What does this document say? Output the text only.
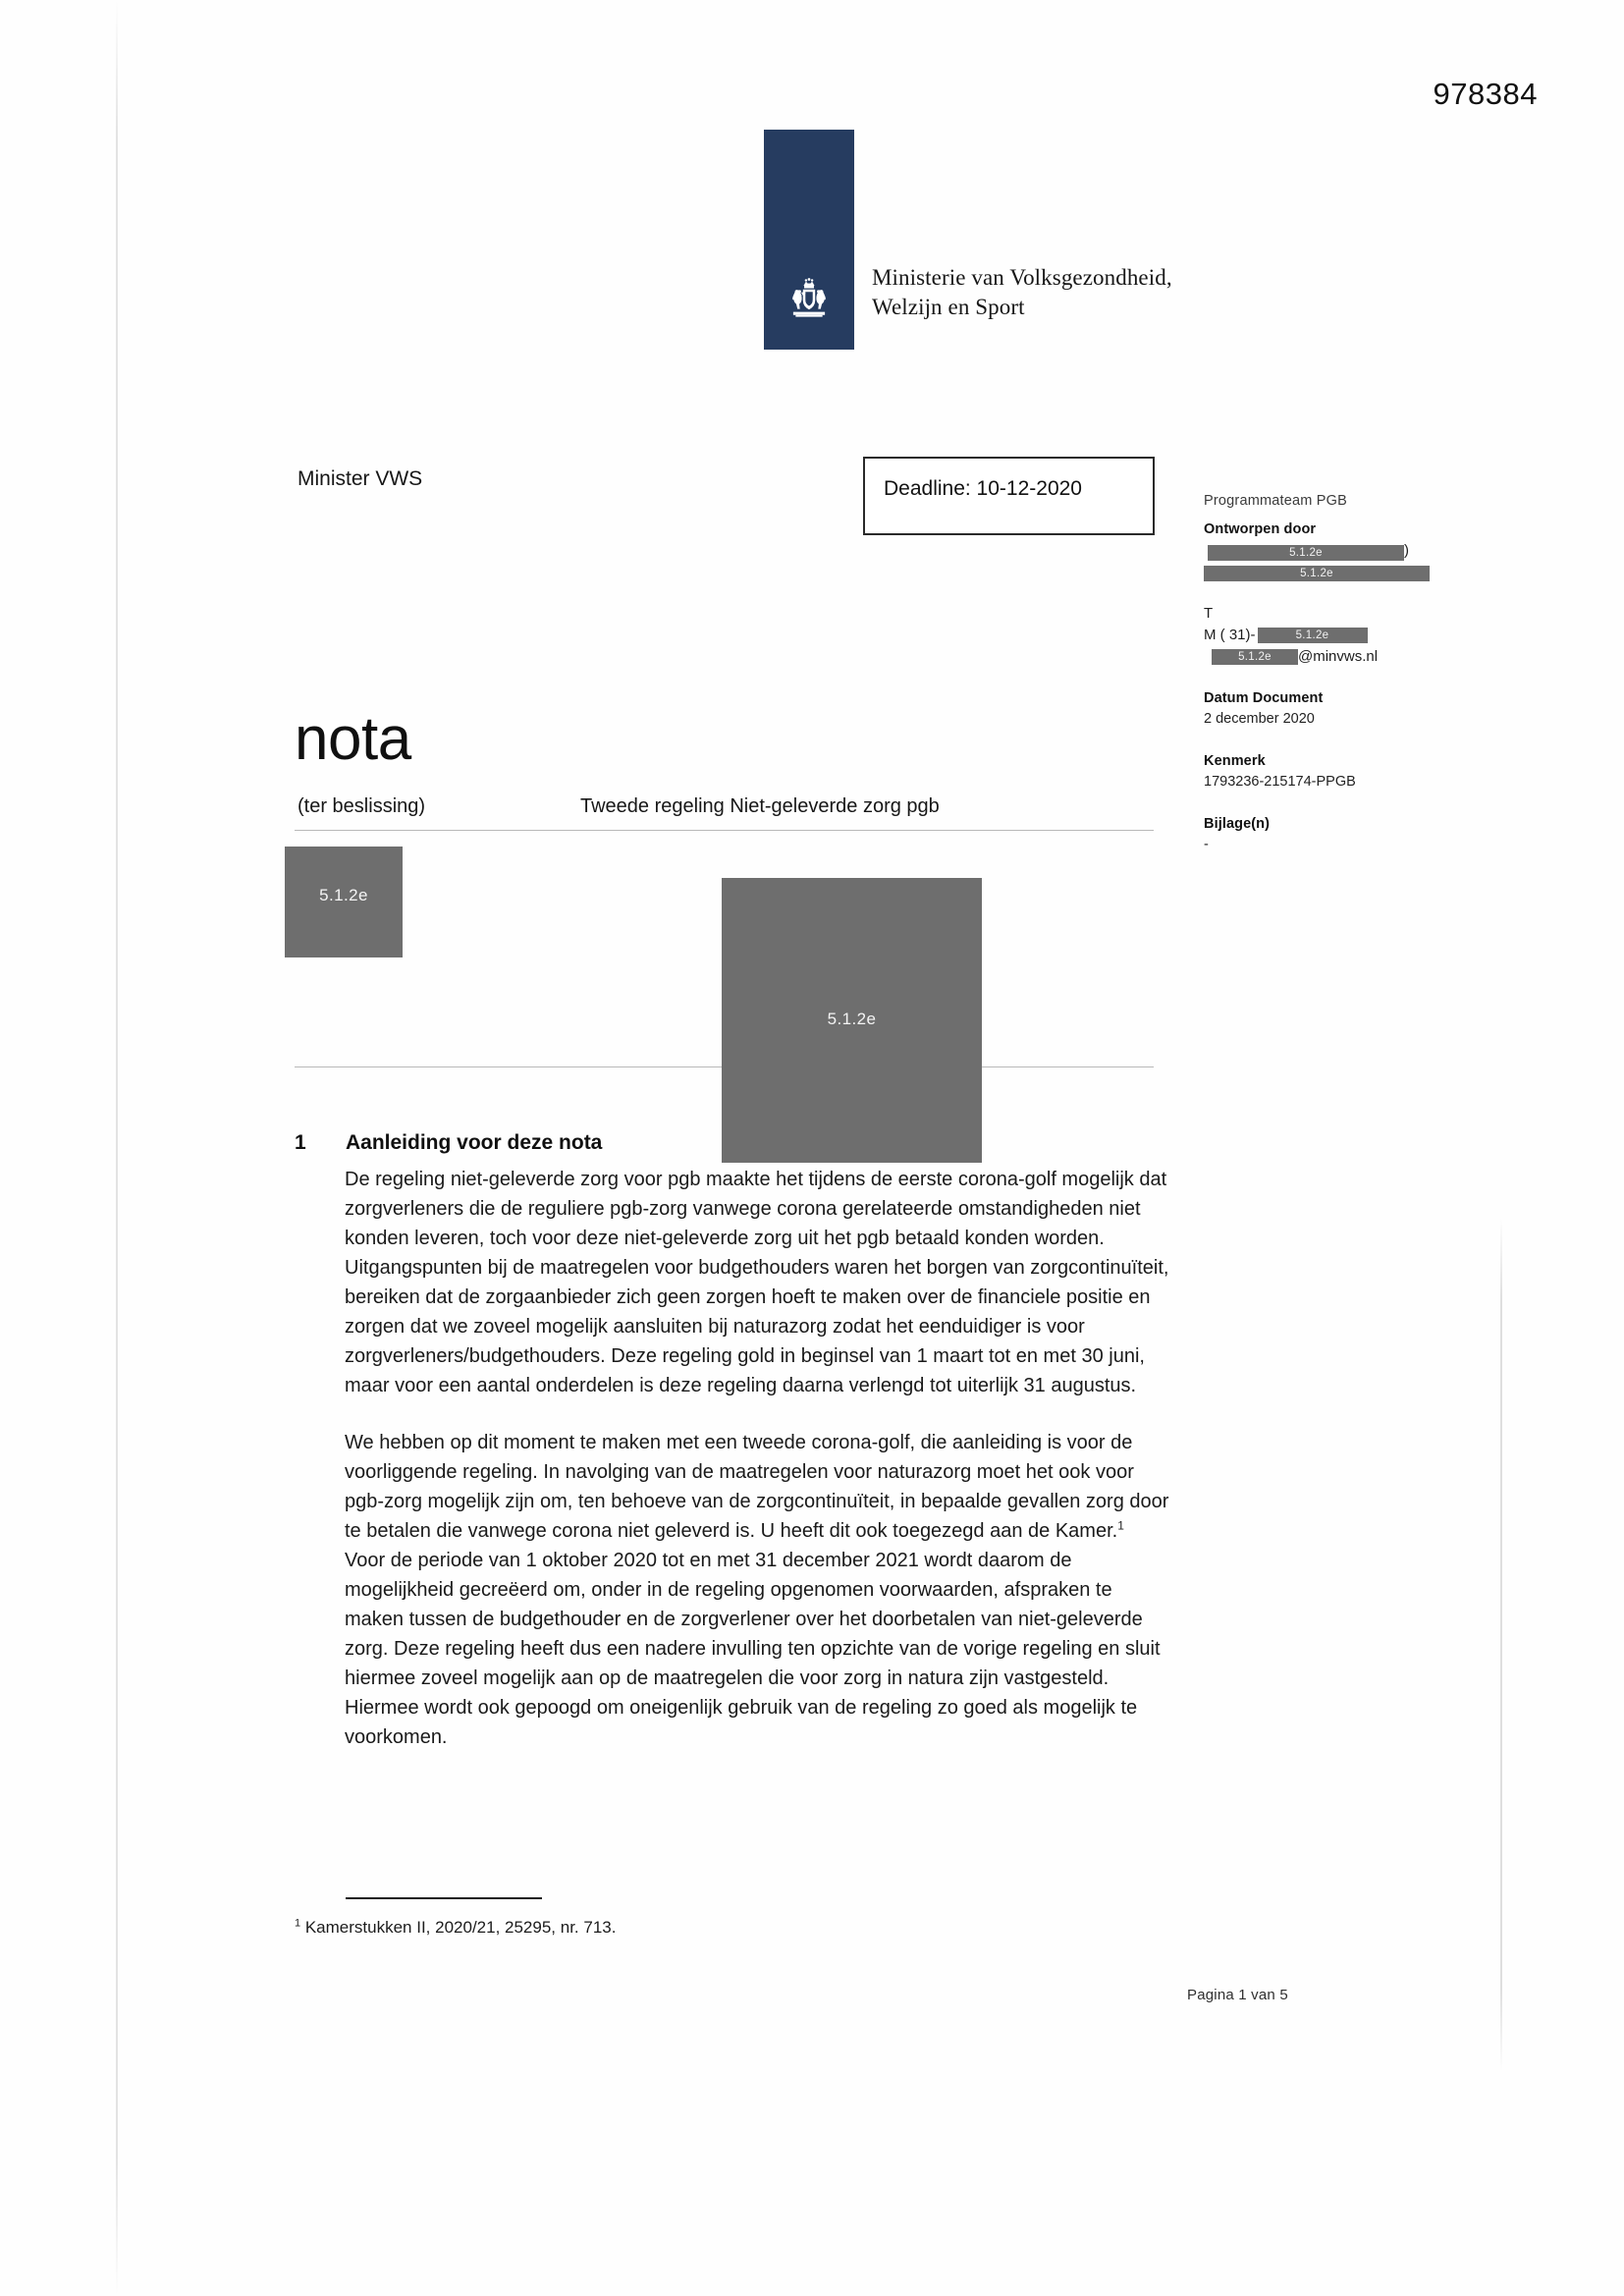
978384
Ministerie van Volksgezondheid,
Welzijn en Sport
Minister VWS	Deadline: 10-12-2020
Programmateam PGB
Ontworpen door
5.1.2e	)
5.1.2e
T
M ( 31)-	5.1.2e
5.1.2e @minvws.nl
Datum Document
2 december 2020
Kenmerk
1793236-215174-PPGB
Bijlage(n)
-
nota
(ter beslissing)	Tweede regeling Niet-geleverde zorg pgb
5.1.2e
5.1.2e
1 Aanleiding voor deze nota

De regeling niet-geleverde zorg voor pgb maakte het tijdens de eerste corona-golf mogelijk dat zorgverleners die de reguliere pgb-zorg vanwege corona gerelateerde omstandigheden niet konden leveren, toch voor deze niet-geleverde zorg uit het pgb betaald konden worden. Uitgangspunten bij de maatregelen voor budgethouders waren het borgen van zorgcontinuïteit, bereiken dat de zorgaanbieder zich geen zorgen hoeft te maken over de financiele positie en zorgen dat we zoveel mogelijk aansluiten bij naturazorg zodat het eenduidiger is voor zorgverleners/budgethouders. Deze regeling gold in beginsel van 1 maart tot en met 30 juni, maar voor een aantal onderdelen is deze regeling daarna verlengd tot uiterlijk 31 augustus.

We hebben op dit moment te maken met een tweede corona-golf, die aanleiding is voor de voorliggende regeling. In navolging van de maatregelen voor naturazorg moet het ook voor pgb-zorg mogelijk zijn om, ten behoeve van de zorgcontinuïteit, in bepaalde gevallen zorg door te betalen die vanwege corona niet geleverd is. U heeft dit ook toegezegd aan de Kamer.$^1$ Voor de periode van 1 oktober 2020 tot en met 31 december 2021 wordt daarom de mogelijkheid gecreëerd om, onder in de regeling opgenomen voorwaarden, afspraken te maken tussen de budgethouder en de zorgverlener over het doorbetalen van niet-geleverde zorg. Deze regeling heeft dus een nadere invulling ten opzichte van de vorige regeling en sluit hiermee zoveel mogelijk aan op de maatregelen die voor zorg in natura zijn vastgesteld. Hiermee wordt ook gepoogd om oneigenlijk gebruik van de regeling zo goed als mogelijk te voorkomen.

$^1$ Kamerstukken II, 2020/21, 25295, nr. 713.
Pagina 1 van 5
